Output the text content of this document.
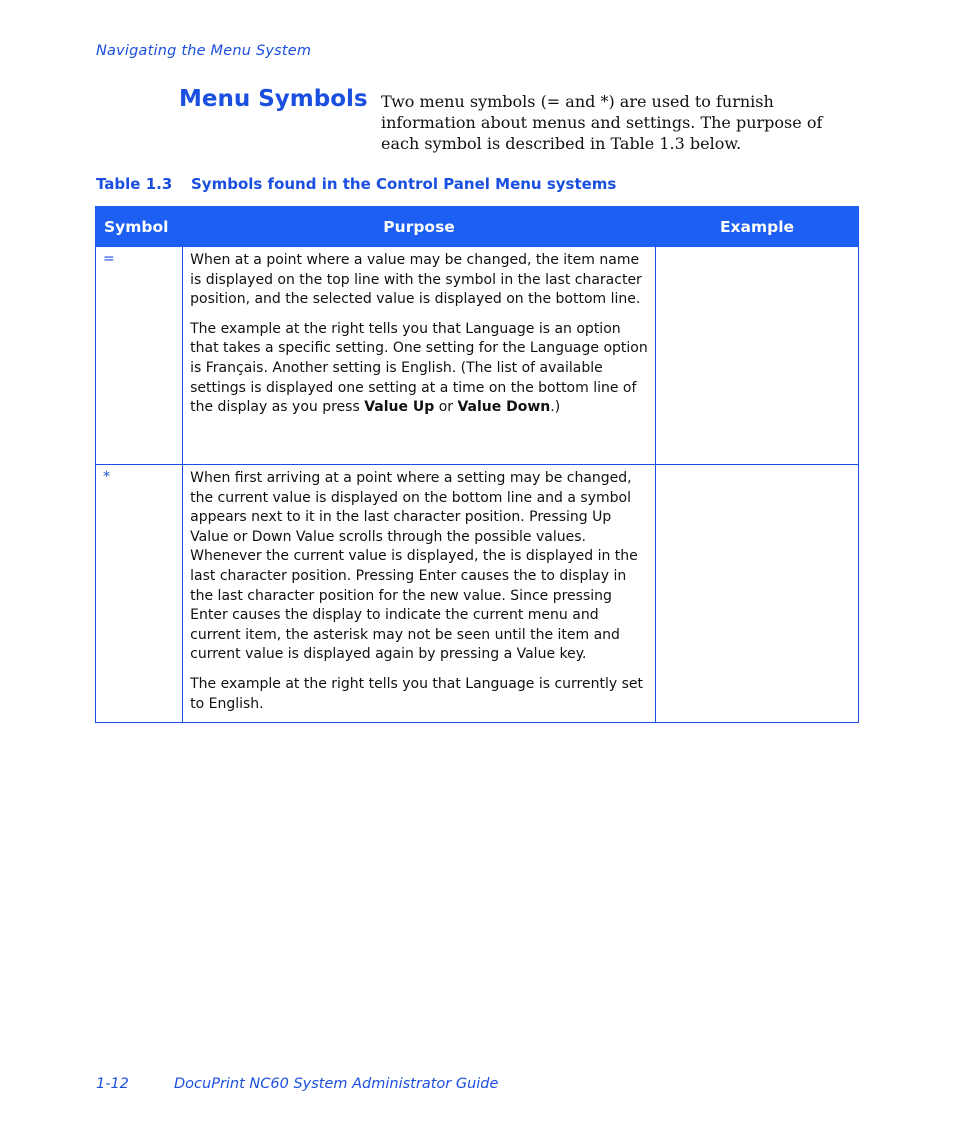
Navigating the Menu System
Menu Symbols Two menu symbols (= and *) are used to furnish information about menus and settings. The purpose of each symbol is described in Table 1.3 below.

Table 1.3 Symbols found in the Control Panel Menu systems
Symbol	Purpose	Example
=	When at a point where a value may be changed, the item name is displayed on the top line with the symbol in the last character position, and the selected value is displayed on the bottom line.

The example at the right tells you that Language is an option that takes a specific setting. One setting for the Language option is Français. Another setting is English. (The list of available settings is displayed one setting at a time on the bottom line of the display as you press Value Up or Value Down.)	

*	When first arriving at a point where a setting may be changed, the current value is displayed on the bottom line and a symbol appears next to it in the last character position. Pressing Up Value or Down Value scrolls through the possible values. Whenever the current value is displayed, the is displayed in the last character position. Pressing Enter causes the to display in the last character position for the new value. Since pressing Enter causes the display to indicate the current menu and current item, the asterisk may not be seen until the item and current value is displayed again by pressing a Value key.

The example at the right tells you that Language is currently set to English.	

1-12	DocuPrint NC60 System Administrator Guide
